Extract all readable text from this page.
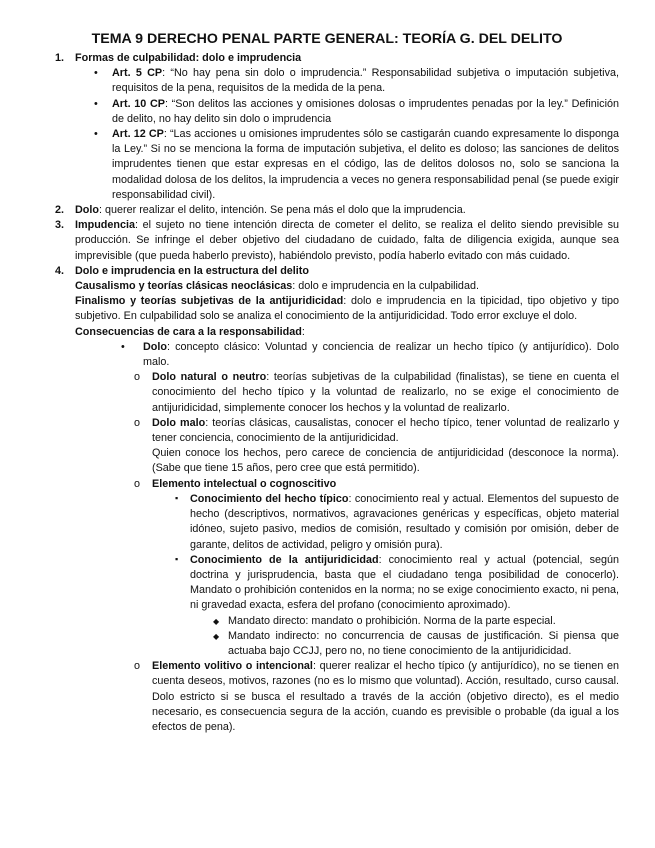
TEMA 9 DERECHO PENAL PARTE GENERAL: TEORÍA G. DEL DELITO
1. Formas de culpabilidad: dolo e imprudencia
• Art. 5 CP: “No hay pena sin dolo o imprudencia.” Responsabilidad subjetiva o imputación subjetiva, requisitos de la pena, requisitos de la medida de la pena.
• Art. 10 CP: “Son delitos las acciones y omisiones dolosas o imprudentes penadas por la ley.” Definición de delito, no hay delito sin dolo o imprudencia
• Art. 12 CP: “Las acciones u omisiones imprudentes sólo se castigarán cuando expresamente lo disponga la Ley.” Si no se menciona la forma de imputación subjetiva, el delito es doloso; las sanciones de delitos imprudentes tienen que estar expresas en el código, las de delitos dolosos no, solo se sanciona la modalidad dolosa de los delitos, la imprudencia a veces no genera responsabilidad penal (se puede exigir responsabilidad civil).
2. Dolo: querer realizar el delito, intención. Se pena más el dolo que la imprudencia.
3. Impudencia: el sujeto no tiene intención directa de cometer el delito, se realiza el delito siendo previsible su producción. Se infringe el deber objetivo del ciudadano de cuidado, falta de diligencia exigida, aunque sea imprevisible (que pueda haberlo previsto), habiéndolo previsto, podía haberlo evitado con más cuidado.
4. Dolo e imprudencia en la estructura del delito
Causalismo y teorías clásicas neoclásicas: dolo e imprudencia en la culpabilidad.
Finalismo y teorías subjetivas de la antijuridicidad: dolo e imprudencia en la tipicidad, tipo objetivo y tipo subjetivo. En culpabilidad solo se analiza el conocimiento de la antijuridicidad. Todo error excluye el dolo.
Consecuencias de cara a la responsabilidad:
• Dolo: concepto clásico: Voluntad y conciencia de realizar un hecho típico (y antijurídico). Dolo malo.
o Dolo natural o neutro: teorías subjetivas de la culpabilidad (finalistas), se tiene en cuenta el conocimiento del hecho típico y la voluntad de realizarlo, no se exige el conocimiento de antijuridicidad, simplemente conocer los hechos y la voluntad de realizarlo.
o Dolo malo: teorías clásicas, causalistas, conocer el hecho típico, tener voluntad de realizarlo y tener conciencia, conocimiento de la antijuridicidad.
Quien conoce los hechos, pero carece de conciencia de antijuridicidad (desconoce la norma). (Sabe que tiene 15 años, pero cree que está permitido).
o Elemento intelectual o cognoscitivo
▪ Conocimiento del hecho típico: conocimiento real y actual. Elementos del supuesto de hecho (descriptivos, normativos, agravaciones genéricas y específicas, objeto material idóneo, sujeto pasivo, medios de comisión, resultado y comisión por omisión, deber de garante, delitos de actividad, peligro y omisión pura).
▪ Conocimiento de la antijuridicidad: conocimiento real y actual (potencial, según doctrina y jurisprudencia, basta que el ciudadano tenga posibilidad de conocerlo). Mandato o prohibición contenidos en la norma; no se exige conocimiento exacto, ni pena, ni gravedad exacta, esfera del profano (conocimiento aproximado).
◆ Mandato directo: mandato o prohibición. Norma de la parte especial.
◆ Mandato indirecto: no concurrencia de causas de justificación. Si piensa que actuaba bajo CCJJ, pero no, no tiene conocimiento de la antijuridicidad.
o Elemento volitivo o intencional: querer realizar el hecho típico (y antijurídico), no se tienen en cuenta deseos, motivos, razones (no es lo mismo que voluntad). Acción, resultado, curso causal. Dolo estricto si se busca el resultado a través de la acción (objetivo directo), es el medio necesario, es consecuencia segura de la acción, cuando es previsible o probable (da igual a los efectos de pena).
